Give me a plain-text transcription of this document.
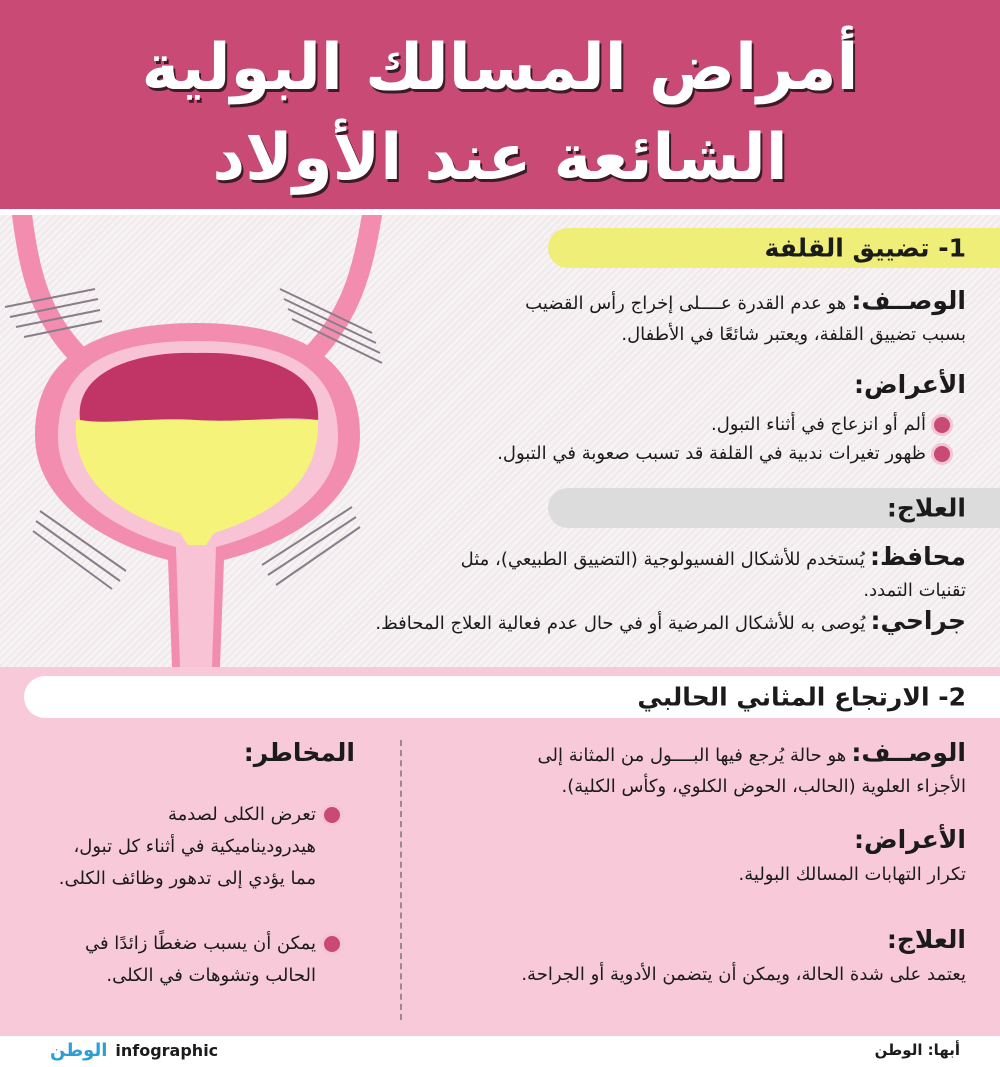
أمراض المسالك البولية
الشائعة عند الأولاد
1- تضييق القلفة
الوصــف: هو عدم القدرة عــــلى إخراج رأس القضيب
بسبب تضييق القلفة، ويعتبر شائعًا في الأطفال.
الأعراض:
ألم أو انزعاج في أثناء التبول.
ظهور تغيرات ندبية في القلفة قد تسبب صعوبة في التبول.
العلاج:
محافظ: يُستخدم للأشكال الفسيولوجية (التضييق الطبيعي)، مثل
تقنيات التمدد.
جراحي: يُوصى به للأشكال المرضية أو في حال عدم فعالية العلاج المحافظ.
2- الارتجاع المثاني الحالبي
الوصــف: هو حالة يُرجع فيها البــــول من المثانة إلى
الأجزاء العلوية (الحالب، الحوض الكلوي، وكأس الكلية).
الأعراض:
تكرار التهابات المسالك البولية.
العلاج:
يعتمد على شدة الحالة، ويمكن أن يتضمن الأدوية أو الجراحة.
المخاطر:
تعرض الكلى لصدمة
هيدروديناميكية في أثناء كل تبول،
مما يؤدي إلى تدهور وظائف الكلى.
يمكن أن يسبب ضغطًا زائدًا في
الحالب وتشوهات في الكلى.
أبها: الوطن
الوطن infographic
